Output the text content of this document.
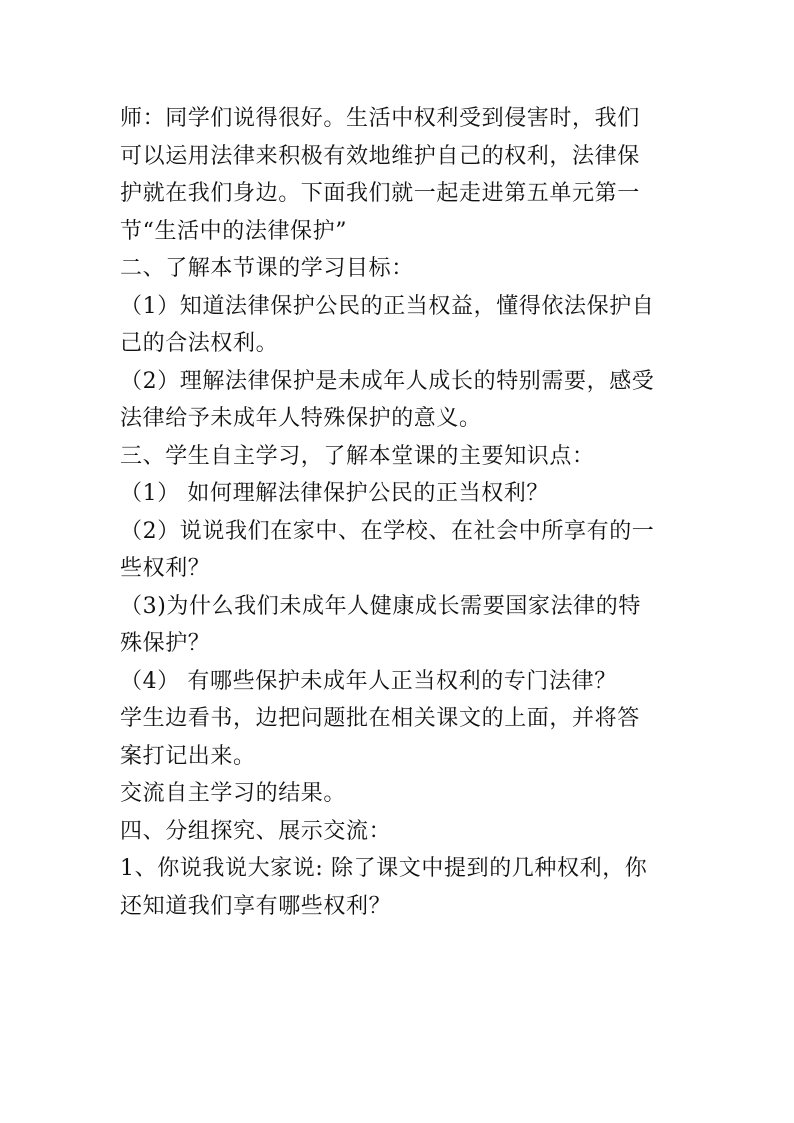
师：同学们说得很好。生活中权利受到侵害时，我们
可以运用法律来积极有效地维护自己的权利，法律保
护就在我们身边。下面我们就一起走进第五单元第一
节“生活中的法律保护”
二、了解本节课的学习目标：
（1）知道法律保护公民的正当权益，懂得依法保护自
己的合法权利。
（2）理解法律保护是未成年人成长的特别需要，感受
法律给予未成年人特殊保护的意义。
三、学生自主学习，了解本堂课的主要知识点：
（1） 如何理解法律保护公民的正当权利？
（2）说说我们在家中、在学校、在社会中所享有的一
些权利？
（3)为什么我们未成年人健康成长需要国家法律的特
殊保护？
（4） 有哪些保护未成年人正当权利的专门法律？
学生边看书，边把问题批在相关课文的上面，并将答
案打记出来。
交流自主学习的结果。
四、分组探究、展示交流：
1、你说我说大家说: 除了课文中提到的几种权利，你
还知道我们享有哪些权利？
